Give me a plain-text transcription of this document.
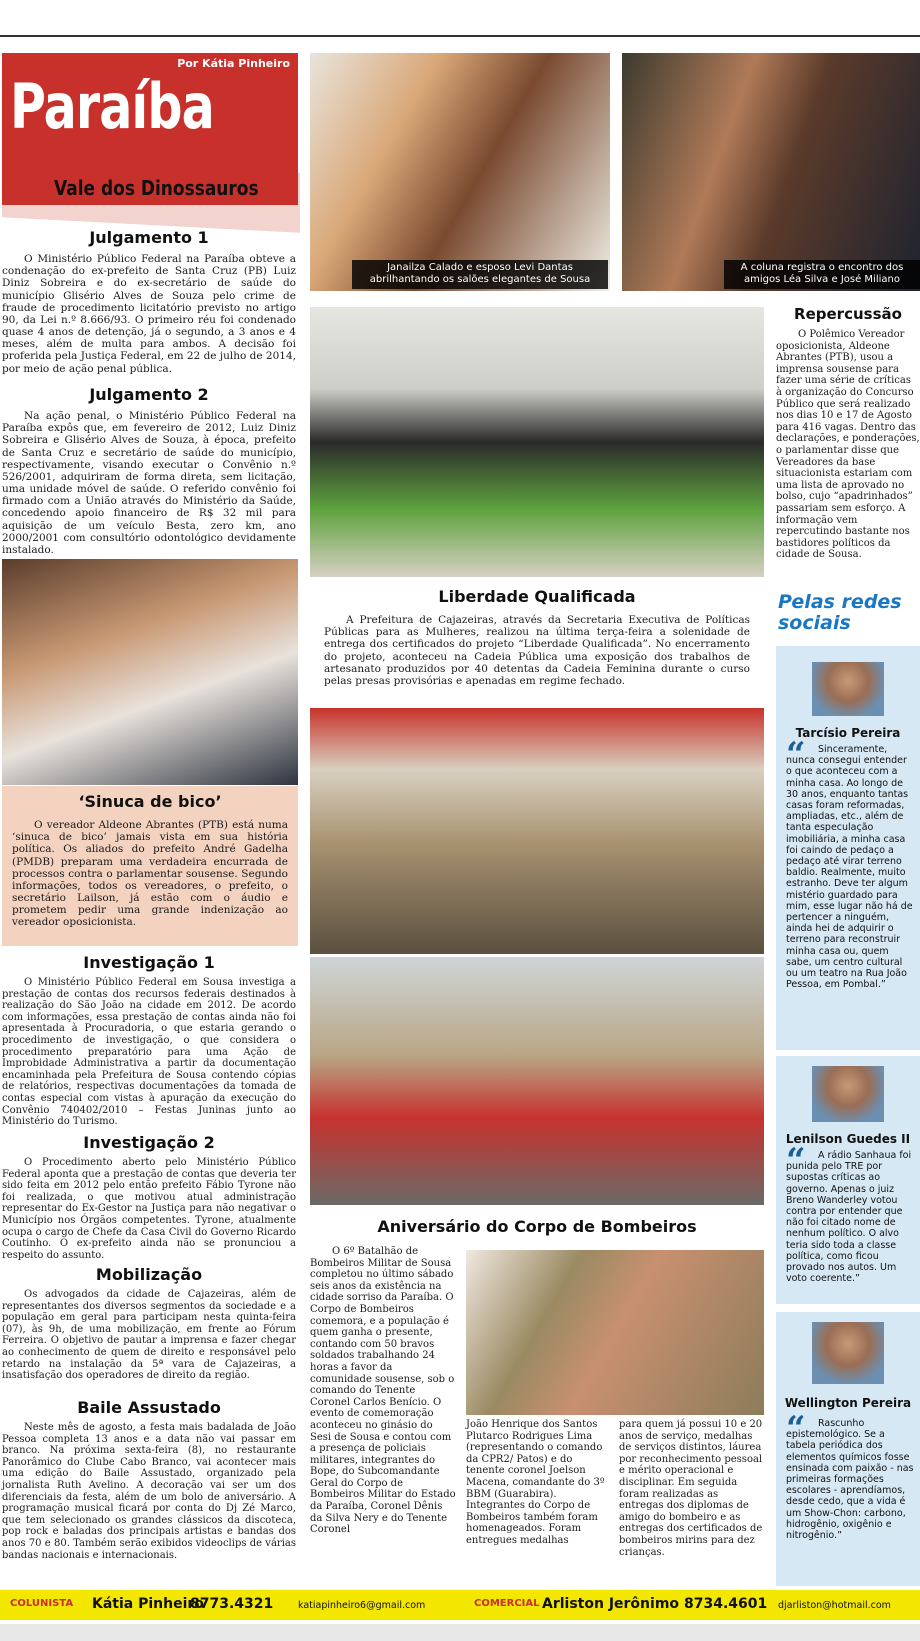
Por Kátia Pinheiro
Paraíba
Vale dos Dinossauros
Julgamento 1

O Ministério Público Federal na Paraíba obteve a condenação do ex-prefeito de Santa Cruz (PB) Luiz Diniz Sobreira e do ex-secretário de saúde do município Glisério Alves de Souza pelo crime de fraude de procedimento licitatório previsto no artigo 90, da Lei n.º 8.666/93. O primeiro réu foi condenado quase 4 anos de detenção, já o segundo, a 3 anos e 4 meses, além de multa para ambos. A decisão foi proferida pela Justiça Federal, em 22 de julho de 2014, por meio de ação penal pública.

Julgamento 2

Na ação penal, o Ministério Público Federal na Paraíba expôs que, em fevereiro de 2012, Luiz Diniz Sobreira e Glisério Alves de Souza, à época, prefeito de Santa Cruz e secretário de saúde do município, respectivamente, visando executar o Convênio n.º 526/2001, adquiriram de forma direta, sem licitação, uma unidade móvel de saúde. O referido convênio foi firmado com a União através do Ministério da Saúde, concedendo apoio financeiro de R$ 32 mil para aquisição de um veículo Besta, zero km, ano 2000/2001 com consultório odontológico devidamente instalado.

‘Sinuca de bico’

O vereador Aldeone Abrantes (PTB) está numa ‘sinuca de bico’ jamais vista em sua história política. Os aliados do prefeito André Gadelha (PMDB) preparam uma verdadeira encurrada de processos contra o parlamentar sousense. Segundo informações, todos os vereadores, o prefeito, o secretário Lailson, já estão com o áudio e prometem pedir uma grande indenização ao vereador oposicionista.

Investigação 1

O Ministério Público Federal em Sousa investiga a prestação de contas dos recursos federais destinados à realização do São João na cidade em 2012. De acordo com informações, essa prestação de contas ainda não foi apresentada à Procuradoria, o que estaria gerando o procedimento de investigação, o que considera o procedimento preparatório para uma Ação de Improbidade Administrativa a partir da documentação encaminhada pela Prefeitura de Sousa contendo cópias de relatórios, respectivas documentações da tomada de contas especial com vistas à apuração da execução do Convênio 740402/2010 – Festas Juninas junto ao Ministério do Turismo.

Investigação 2

O Procedimento aberto pelo Ministério Público Federal aponta que a prestação de contas que deveria ter sido feita em 2012 pelo então prefeito Fábio Tyrone não foi realizada, o que motivou atual administração representar do Ex-Gestor na Justiça para não negativar o Município nos Órgãos competentes. Tyrone, atualmente ocupa o cargo de Chefe da Casa Civil do Governo Ricardo Coutinho. O ex-prefeito ainda não se pronunciou a respeito do assunto.

Mobilização

Os advogados da cidade de Cajazeiras, além de representantes dos diversos segmentos da sociedade e a população em geral para participam nesta quinta-feira (07), às 9h, de uma mobilização, em frente ao Fórum Ferreira. O objetivo de pautar a imprensa e fazer chegar ao conhecimento de quem de direito e responsável pelo retardo na instalação da 5ª vara de Cajazeiras, a insatisfação dos operadores de direito da região.

Baile Assustado

Neste mês de agosto, a festa mais badalada de João Pessoa completa 13 anos e a data não vai passar em branco. Na próxima sexta-feira (8), no restaurante Panorâmico do Clube Cabo Branco, vai acontecer mais uma edição do Baile Assustado, organizado pela jornalista Ruth Avelino. A decoração vai ser um dos diferenciais da festa, além de um bolo de aniversário. A programação musical ficará por conta do Dj Zé Marco, que tem selecionado os grandes clássicos da discoteca, pop rock e baladas dos principais artistas e bandas dos anos 70 e 80. Também serão exibidos videoclips de várias bandas nacionais e internacionais.

Janailza Calado e esposo Levi Dantas abrilhantando os salões elegantes de Sousa
A coluna registra o encontro dos amigos Léa Silva e José Miliano
Liberdade Qualificada

A Prefeitura de Cajazeiras, através da Secretaria Executiva de Políticas Públicas para as Mulheres, realizou na última terça-feira a solenidade de entrega dos certificados do projeto “Liberdade Qualificada”. No encerramento do projeto, aconteceu na Cadeia Pública uma exposição dos trabalhos de artesanato produzidos por 40 detentas da Cadeia Feminina durante o curso pelas presas provisórias e apenadas em regime fechado.

Aniversário do Corpo de Bombeiros

O 6º Batalhão de Bombeiros Militar de Sousa completou no último sábado seis anos da existência na cidade sorriso da Paraíba. O Corpo de Bombeiros comemora, e a população é quem ganha o presente, contando com 50 bravos soldados trabalhando 24 horas a favor da comunidade sousense, sob o comando do Tenente Coronel Carlos Benício. O evento de comemoração aconteceu no ginásio do Sesi de Sousa e contou com a presença de policiais militares, integrantes do Bope, do Subcomandante Geral do Corpo de Bombeiros Militar do Estado da Paraíba, Coronel Dênis da Silva Nery e do Tenente Coronel

João Henrique dos Santos Plutarco Rodrigues Lima (representando o comando da CPR2/ Patos) e do tenente coronel Joelson Macena, comandante do 3º BBM (Guarabira). Integrantes do Corpo de Bombeiros também foram homenageados. Foram entregues medalhas

para quem já possui 10 e 20 anos de serviço, medalhas de serviços distintos, láurea por reconhecimento pessoal e mérito operacional e disciplinar. Em seguida foram realizadas as entregas dos diplomas de amigo do bombeiro e as entregas dos certificados de bombeiros mirins para dez crianças.

Repercussão

O Polêmico Vereador oposicionista, Aldeone Abrantes (PTB), usou a imprensa sousense para fazer uma série de críticas à organização do Concurso Público que será realizado nos dias 10 e 17 de Agosto para 416 vagas. Dentro das declarações, e ponderações, o parlamentar disse que Vereadores da base situacionista estariam com uma lista de aprovado no bolso, cujo “apadrinhados” passariam sem esforço. A informação vem repercutindo bastante nos bastidores políticos da cidade de Sousa.

Pelas redes sociais
Tarcísio Pereira
“	Sinceramente, nunca consegui entender o que aconteceu com a minha casa. Ao longo de 30 anos, enquanto tantas casas foram reformadas, ampliadas, etc., além de tanta especulação imobiliária, a minha casa foi caindo de pedaço a pedaço até virar terreno baldio. Realmente, muito estranho. Deve ter algum mistério guardado para mim, esse lugar não há de pertencer a ninguém, ainda hei de adquirir o terreno para reconstruir minha casa ou, quem sabe, um centro cultural ou um teatro na Rua João Pessoa, em Pombal.”
Lenilson Guedes II
“	A rádio Sanhaua foi punida pelo TRE por supostas críticas ao governo. Apenas o juiz Breno Wanderley votou contra por entender que não foi citado nome de nenhum político. O alvo teria sido toda a classe política, como ficou provado nos autos. Um voto coerente.”
Wellington Pereira
“	Rascunho epistemológico. Se a tabela periódica dos elementos químicos fosse ensinada com paixão - nas primeiras formações escolares - aprendíamos, desde cedo, que a vida é um Show-Chon: carbono, hidrogênio, oxigênio e nitrogênio.”
COLUNISTA Kátia Pinheiro
8773.4321	katiapinheiro6@gmail.com	COMERCIAL Arliston Jerônimo 8734.4601 djarliston@hotmail.com
